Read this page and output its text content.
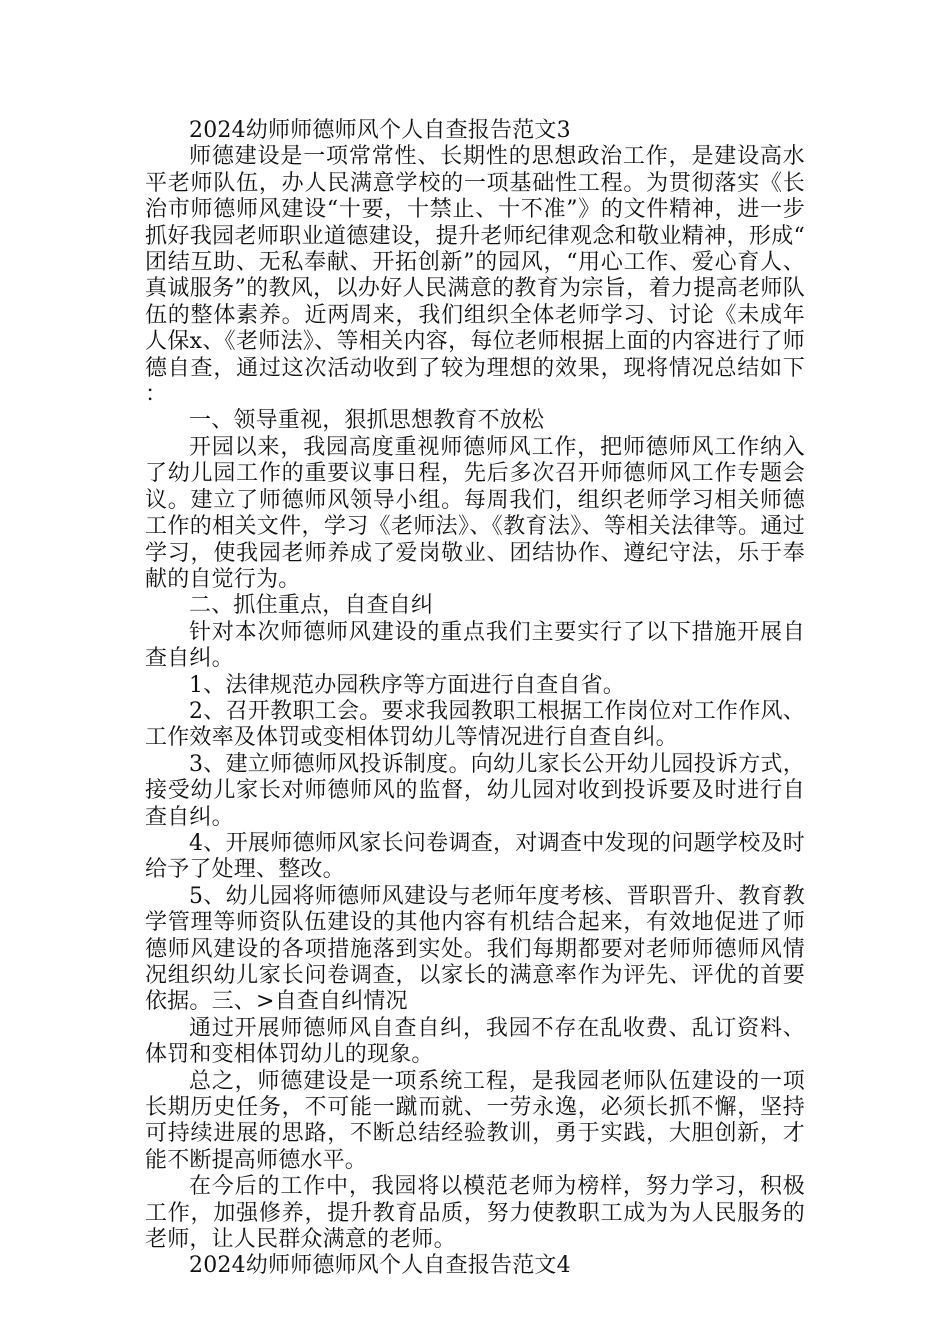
2024幼师师德师风个人自查报告范文3

师德建设是一项常常性、长期性的思想政治工作，是建设高水平老师队伍，办人民满意学校的一项基础性工程。为贯彻落实《长治市师德师风建设“十要，十禁止、十不准”》的文件精神，进一步抓好我园老师职业道德建设，提升老师纪律观念和敬业精神，形成“团结互助、无私奉献、开拓创新”的园风，“用心工作、爱心育人、真诚服务”的教风，以办好人民满意的教育为宗旨，着力提高老师队伍的整体素养。近两周来，我们组织全体老师学习、讨论《未成年人保x、《老师法》、等相关内容，每位老师根据上面的内容进行了师德自查，通过这次活动收到了较为理想的效果，现将情况总结如下：

一、领导重视，狠抓思想教育不放松

开园以来，我园高度重视师德师风工作，把师德师风工作纳入了幼儿园工作的重要议事日程，先后多次召开师德师风工作专题会议。建立了师德师风领导小组。每周我们，组织老师学习相关师德工作的相关文件，学习《老师法》、《教育法》、等相关法律等。通过学习，使我园老师养成了爱岗敬业、团结协作、遵纪守法，乐于奉献的自觉行为。

二、抓住重点，自查自纠

针对本次师德师风建设的重点我们主要实行了以下措施开展自查自纠。

1、法律规范办园秩序等方面进行自查自省。

2、召开教职工会。要求我园教职工根据工作岗位对工作作风、工作效率及体罚或变相体罚幼儿等情况进行自查自纠。

3、建立师德师风投诉制度。向幼儿家长公开幼儿园投诉方式，接受幼儿家长对师德师风的监督，幼儿园对收到投诉要及时进行自查自纠。

4、开展师德师风家长问卷调查，对调查中发现的问题学校及时给予了处理、整改。

5、幼儿园将师德师风建设与老师年度考核、晋职晋升、教育教学管理等师资队伍建设的其他内容有机结合起来，有效地促进了师德师风建设的各项措施落到实处。我们每期都要对老师师德师风情况组织幼儿家长问卷调查，以家长的满意率作为评先、评优的首要依据。三、>自查自纠情况

通过开展师德师风自查自纠，我园不存在乱收费、乱订资料、体罚和变相体罚幼儿的现象。

总之，师德建设是一项系统工程，是我园老师队伍建设的一项长期历史任务，不可能一蹴而就、一劳永逸，必须长抓不懈，坚持可持续进展的思路，不断总结经验教训，勇于实践，大胆创新，才能不断提高师德水平。

在今后的工作中，我园将以模范老师为榜样，努力学习，积极工作，加强修养，提升教育品质，努力使教职工成为为人民服务的老师，让人民群众满意的老师。

2024幼师师德师风个人自查报告范文4
